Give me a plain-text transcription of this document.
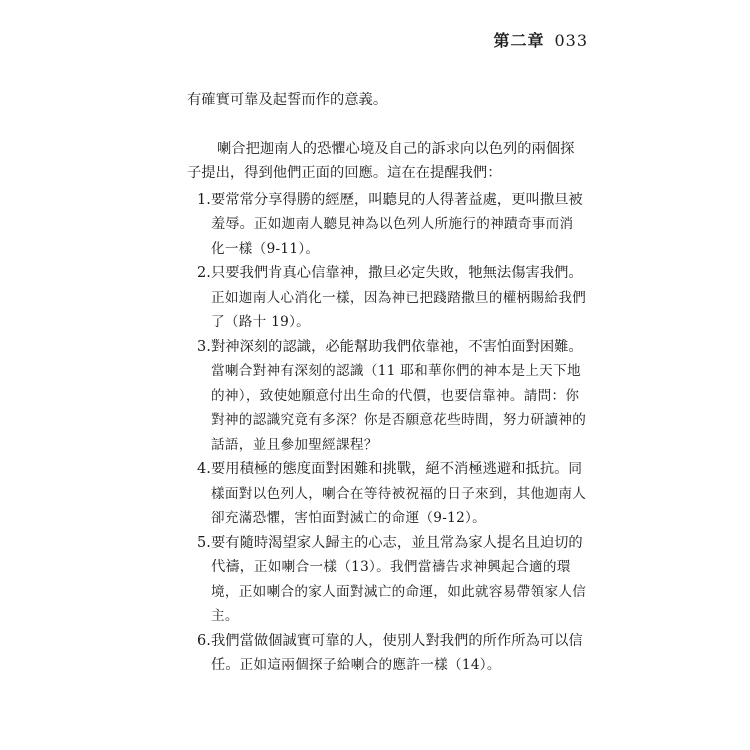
第二章 033

有確實可靠及起誓而作的意義。

喇合把迦南人的恐懼心境及自己的訴求向以色列的兩個探子提出，得到他們正面的回應。這在在提醒我們：

1. 要常常分享得勝的經歷，叫聽見的人得著益處，更叫撒旦被羞辱。正如迦南人聽見神為以色列人所施行的神蹟奇事而消化一樣（9-11）。
2. 只要我們肯真心信靠神，撒旦必定失敗，牠無法傷害我們。正如迦南人心消化一樣，因為神已把踐踏撒旦的權柄賜給我們了（路十 19）。
3. 對神深刻的認識，必能幫助我們依靠祂，不害怕面對困難。當喇合對神有深刻的認識（11 耶和華你們的神本是上天下地的神），致使她願意付出生命的代價，也要信靠神。請問：你對神的認識究竟有多深？你是否願意花些時間，努力研讀神的話語，並且參加聖經課程？
4. 要用積極的態度面對困難和挑戰，絕不消極逃避和抵抗。同樣面對以色列人，喇合在等待被祝福的日子來到，其他迦南人卻充滿恐懼，害怕面對滅亡的命運（9-12）。
5. 要有隨時渴望家人歸主的心志，並且常為家人提名且迫切的代禱，正如喇合一樣（13）。我們當禱告求神興起合適的環境，正如喇合的家人面對滅亡的命運，如此就容易帶領家人信主。
6. 我們當做個誠實可靠的人，使別人對我們的所作所為可以信任。正如這兩個探子給喇合的應許一樣（14）。
